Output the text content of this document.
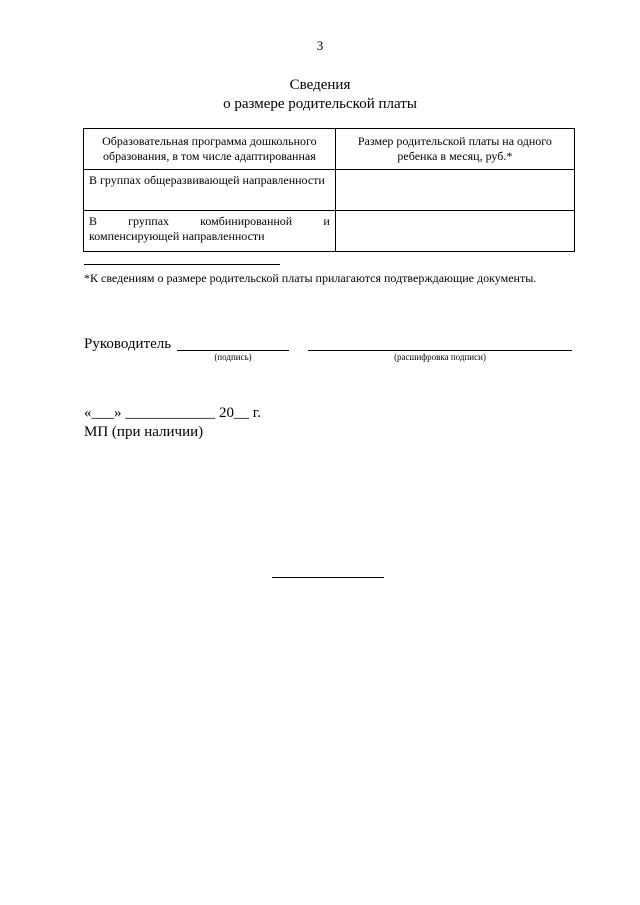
3
Сведения
о размере родительской платы
Образовательная программа дошкольного образования, в том числе адаптированная	Размер родительской платы на одного ребенка в месяц, руб.*
В группах общеразвивающей направленности	
В группах комбинированной и компенсирующей направленности	
*К сведениям о размере родительской платы прилагаются подтверждающие документы.
Руководитель
(подпись)	(расшифровка подписи)
«___» ____________ 20__ г.
МП (при наличии)
